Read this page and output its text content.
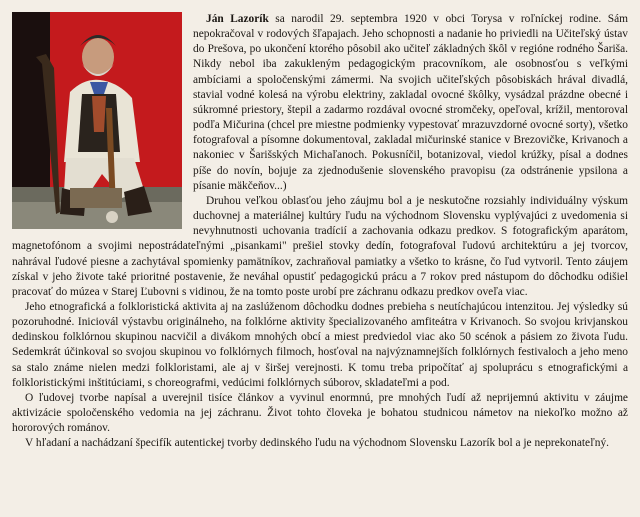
Ján Lazorík sa narodil 29. septembra 1920 v obci Torysa v roľníckej rodine. Sám nepokračoval v rodových šľapajach. Jeho schopnosti a nadanie ho priviedli na Učiteľský ústav do Prešova, po ukončení ktorého pôsobil ako učiteľ základných škôl v regióne rodného Šariša. Nikdy nebol iba zakukleným pedagogickým pracovníkom, ale osobnosťou s veľkými ambíciami a spoločenskými zámermi. Na svojich učiteľských pôsobiskách hrával divadlá, stavial vodné kolesá na výrobu elektriny, zakladal ovocné škôlky, vysádzal prázdne obecné i súkromné priestory, štepil a zadarmo rozdával ovocné stromčeky, opeľoval, krížil, mentoroval podľa Mičurina (chcel pre miestne podmienky vypestovať mrazuvzdorné ovocné sorty), všetko fotografoval a písomne dokumentoval, zakladal mičurinské stanice v Brezovičke, Krivanoch a nakoniec v Šarišských Michaľanoch. Pokusníčil, botanizoval, viedol krúžky, písal a dodnes píše do novín, bojuje za zjednodušenie slovenského pravopisu (za odstránenie ypsilona a písanie mäkčeňov...)

Druhou veľkou oblasťou jeho záujmu bol a je neskutočne rozsiahly individuálny výskum duchovnej a materiálnej kultúry ľudu na východnom Slovensku vyplývajúci z uvedomenia si nevyhnutnosti uchovania tradícií a zachovania odkazu predkov. S fotografickým aparátom, magnetofónom a svojimi nepostrádateľnými „pisankami" prešiel stovky dedín, fotografoval ľudovú architektúru a jej tvorcov, nahrával ľudové piesne a zachytával spomienky pamätníkov, zachraňoval pamiatky a všetko to krásne, čo ľud vytvoril. Tento záujem získal v jeho živote také prioritné postavenie, že neváhal opustiť pedagogickú prácu a 7 rokov pred nástupom do dôchodku odišiel pracovať do múzea v Starej Ľubovni s vidinou, že na tomto poste urobí pre záchranu odkazu predkov oveľa viac.

Jeho etnografická a folkloristická aktivita aj na zaslúženom dôchodku dodnes prebieha s neutíchajúcou intenzitou. Jej výsledky sú pozoruhodné. Iniciovál výstavbu originálneho, na folklórne aktivity špecializovaného amfiteátra v Krivanoch. So svojou krivjanskou dedinskou folklórnou skupinou nacvičil a divákom mnohých obcí a miest predviedol viac ako 50 scénok a pásiem zo života ľudu. Sedemkrát účinkoval so svojou skupinou vo folklórnych filmoch, hosťoval na najvýznamnejších folklórnych festivaloch a jeho meno sa stalo známe nielen medzi folkloristami, ale aj v širšej verejnosti. K tomu treba pripočítať aj spoluprácu s etnografickými a folkloristickými inštitúciami, s choreografmi, vedúcimi folklórnych súborov, skladateľmi a pod.

O ľudovej tvorbe napísal a uverejnil tisíce článkov a vyvinul enormnú, pre mnohých ľudí až neprijemnú aktivitu v záujme aktivizácie spoločenského vedomia na jej záchranu. Život tohto človeka je bohatou studnicou námetov na niekoľko možno až hororových románov.

V hľadaní a nachádzaní špecifík autentickej tvorby dedinského ľudu na východnom Slovensku Lazorík bol a je neprekonateľný.
